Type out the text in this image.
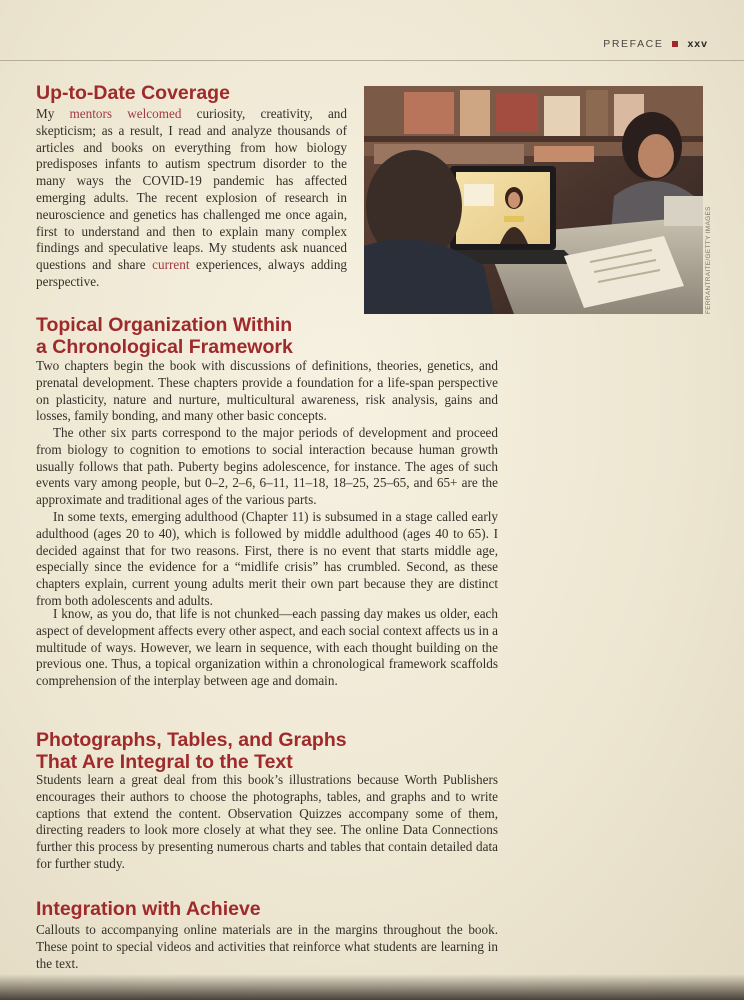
PREFACE xxv
Up-to-Date Coverage

My mentors welcomed curiosity, creativity, and skepticism; as a result, I read and analyze thousands of articles and books on everything from how biology predisposes infants to autism spectrum disorder to the many ways the COVID-19 pandemic has affected emerging adults. The recent explosion of research in neuroscience and genetics has challenged me once again, first to understand and then to explain many complex findings and speculative leaps. My students ask nuanced questions and share current experiences, always adding perspective.	FERRANTRAITE/GETTY IMAGES
Topical Organization Within
a Chronological Framework

Two chapters begin the book with discussions of definitions, theories, genetics, and prenatal development. These chapters provide a foundation for a life-span perspective on plasticity, nature and nurture, multicultural awareness, risk analysis, gains and losses, family bonding, and many other basic concepts.

The other six parts correspond to the major periods of development and proceed from biology to cognition to emotions to social interaction because human growth usually follows that path. Puberty begins adolescence, for instance. The ages of such events vary among people, but 0–2, 2–6, 6–11, 11–18, 18–25, 25–65, and 65+ are the approximate and traditional ages of the various parts.

In some texts, emerging adulthood (Chapter 11) is subsumed in a stage called early adulthood (ages 20 to 40), which is followed by middle adulthood (ages 40 to 65). I decided against that for two reasons. First, there is no event that starts middle age, especially since the evidence for a “midlife crisis” has crumbled. Second, as these chapters explain, current young adults merit their own part because they are distinct from both adolescents and adults.

I know, as you do, that life is not chunked—each passing day makes us older, each aspect of development affects every other aspect, and each social context affects us in a multitude of ways. However, we learn in sequence, with each thought building on the previous one. Thus, a topical organization within a chronological framework scaffolds comprehension of the interplay between age and domain.

Photographs, Tables, and Graphs
That Are Integral to the Text

Students learn a great deal from this book’s illustrations because Worth Publishers encourages their authors to choose the photographs, tables, and graphs and to write captions that extend the content. Observation Quizzes accompany some of them, directing readers to look more closely at what they see. The online Data Connections further this process by presenting numerous charts and tables that contain detailed data for further study.

Integration with Achieve

Callouts to accompanying online materials are in the margins throughout the book. These point to special videos and activities that reinforce what students are learning in the text.
